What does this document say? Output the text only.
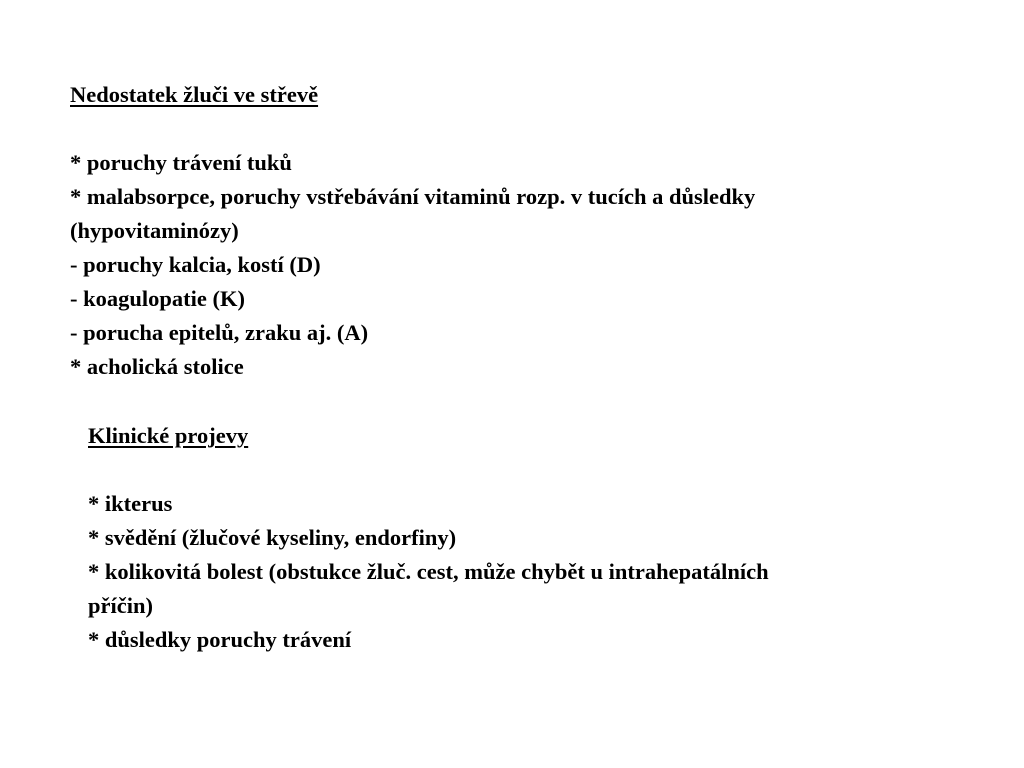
Nedostatek žluči ve střevě

* poruchy trávení tuků

* malabsorpce, poruchy vstřebávání vitaminů rozp. v tucích a důsledky

(hypovitaminózy)

- poruchy kalcia, kostí (D)

- koagulopatie (K)

- porucha epitelů, zraku aj. (A)

* acholická stolice

Klinické projevy

* ikterus

* svědění (žlučové kyseliny, endorfiny)

* kolikovitá bolest (obstukce žluč. cest, může chybět u intrahepatálních

příčin)

* důsledky poruchy trávení
